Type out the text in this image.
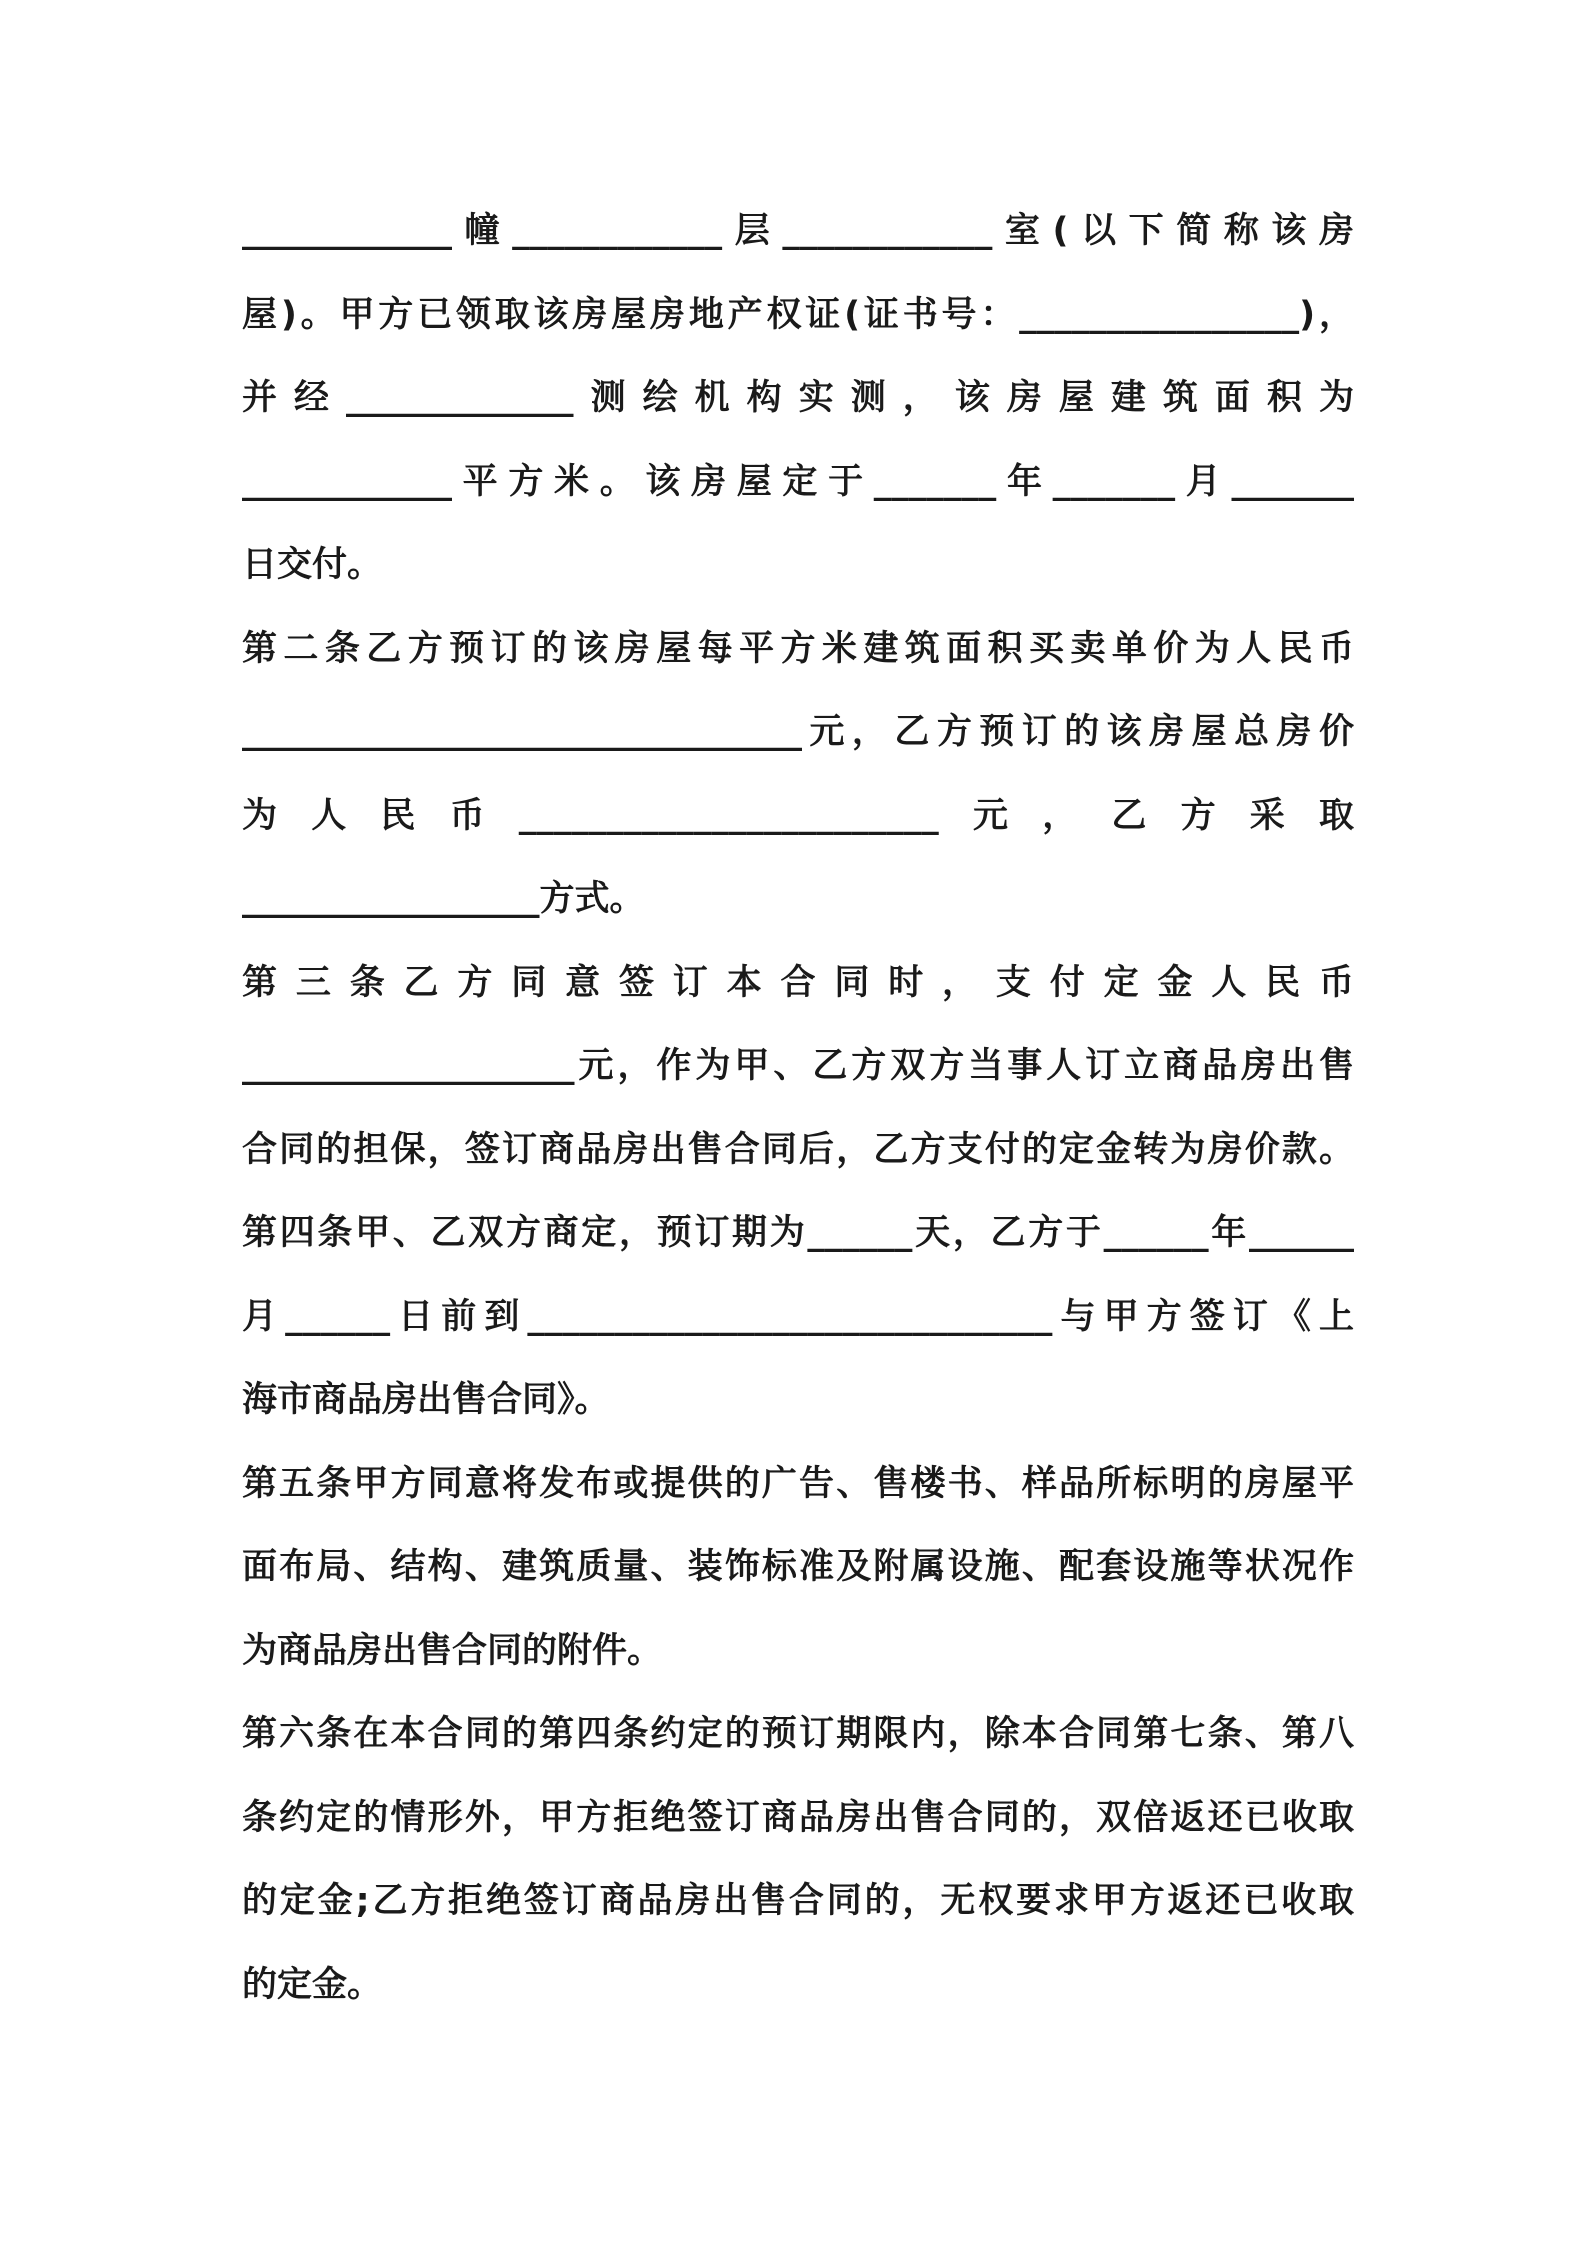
____________幢____________层____________室(以下简称该房
屋)。甲方已领取该房屋房地产权证(证书号：________________)，
并经_____________测绘机构实测，该房屋建筑面积为
____________平方米。该房屋定于_______年_______月_______
日交付。
第二条乙方预订的该房屋每平方米建筑面积买卖单价为人民币
________________________________元，乙方预订的该房屋总房价
为人民币________________________元，乙方采取
_________________方式。
第三条乙方同意签订本合同时，支付定金人民币
___________________元，作为甲、乙方双方当事人订立商品房出售
合同的担保，签订商品房出售合同后，乙方支付的定金转为房价款。
第四条甲、乙双方商定，预订期为______天，乙方于______年______
月______日前到______________________________与甲方签订《上
海市商品房出售合同》。
第五条甲方同意将发布或提供的广告、售楼书、样品所标明的房屋平
面布局、结构、建筑质量、装饰标准及附属设施、配套设施等状况作
为商品房出售合同的附件。
第六条在本合同的第四条约定的预订期限内，除本合同第七条、第八
条约定的情形外，甲方拒绝签订商品房出售合同的，双倍返还已收取
的定金;乙方拒绝签订商品房出售合同的，无权要求甲方返还已收取
的定金。
